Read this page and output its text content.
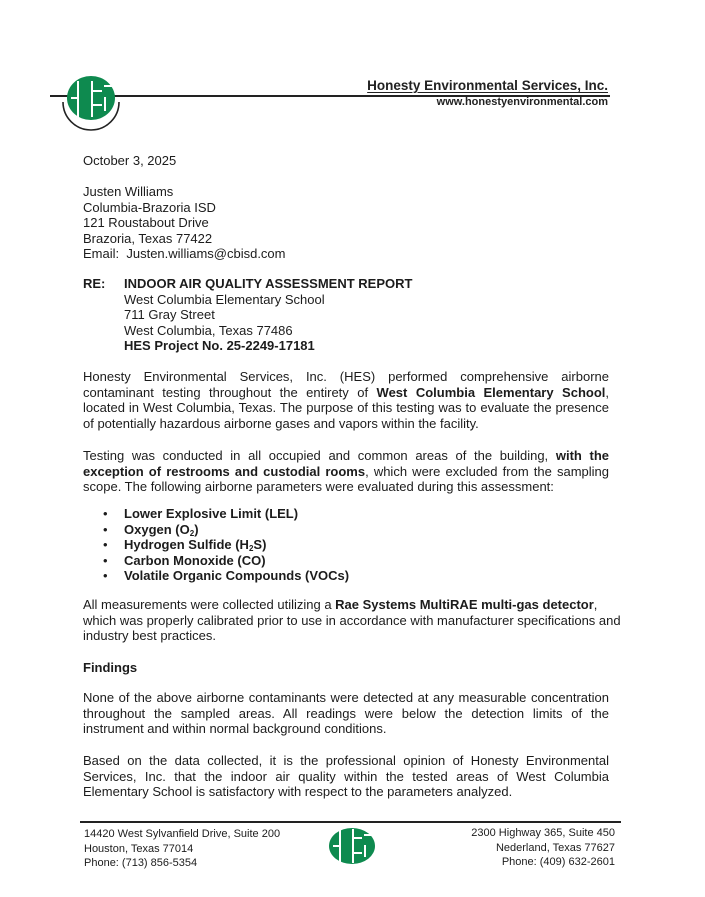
Honesty Environmental Services, Inc.
www.honestyenvironmental.com
October 3, 2025
Justen Williams
Columbia-Brazoria ISD
121 Roustabout Drive
Brazoria, Texas 77422
Email: Justen.williams@cbisd.com
RE: INDOOR AIR QUALITY ASSESSMENT REPORT
West Columbia Elementary School
711 Gray Street
West Columbia, Texas 77486
HES Project No. 25-2249-17181
Honesty Environmental Services, Inc. (HES) performed comprehensive airborne contaminant testing throughout the entirety of West Columbia Elementary School, located in West Columbia, Texas. The purpose of this testing was to evaluate the presence of potentially hazardous airborne gases and vapors within the facility.
Testing was conducted in all occupied and common areas of the building, with the exception of restrooms and custodial rooms, which were excluded from the sampling scope. The following airborne parameters were evaluated during this assessment:
• Lower Explosive Limit (LEL)
• Oxygen $(O_2)$
• Hydrogen Sulfide $(H_2S)$
• Carbon Monoxide (CO)
• Volatile Organic Compounds (VOCs)
All measurements were collected utilizing a Rae Systems MultiRAE multi-gas detector, which was properly calibrated prior to use in accordance with manufacturer specifications and industry best practices.
Findings
None of the above airborne contaminants were detected at any measurable concentration throughout the sampled areas. All readings were below the detection limits of the instrument and within normal background conditions.
Based on the data collected, it is the professional opinion of Honesty Environmental Services, Inc. that the indoor air quality within the tested areas of West Columbia Elementary School is satisfactory with respect to the parameters analyzed.
14420 West Sylvanfield Drive, Suite 200
Houston, Texas 77014
Phone: (713) 856-5354
2300 Highway 365, Suite 450
Nederland, Texas 77627
Phone: (409) 632-2601
